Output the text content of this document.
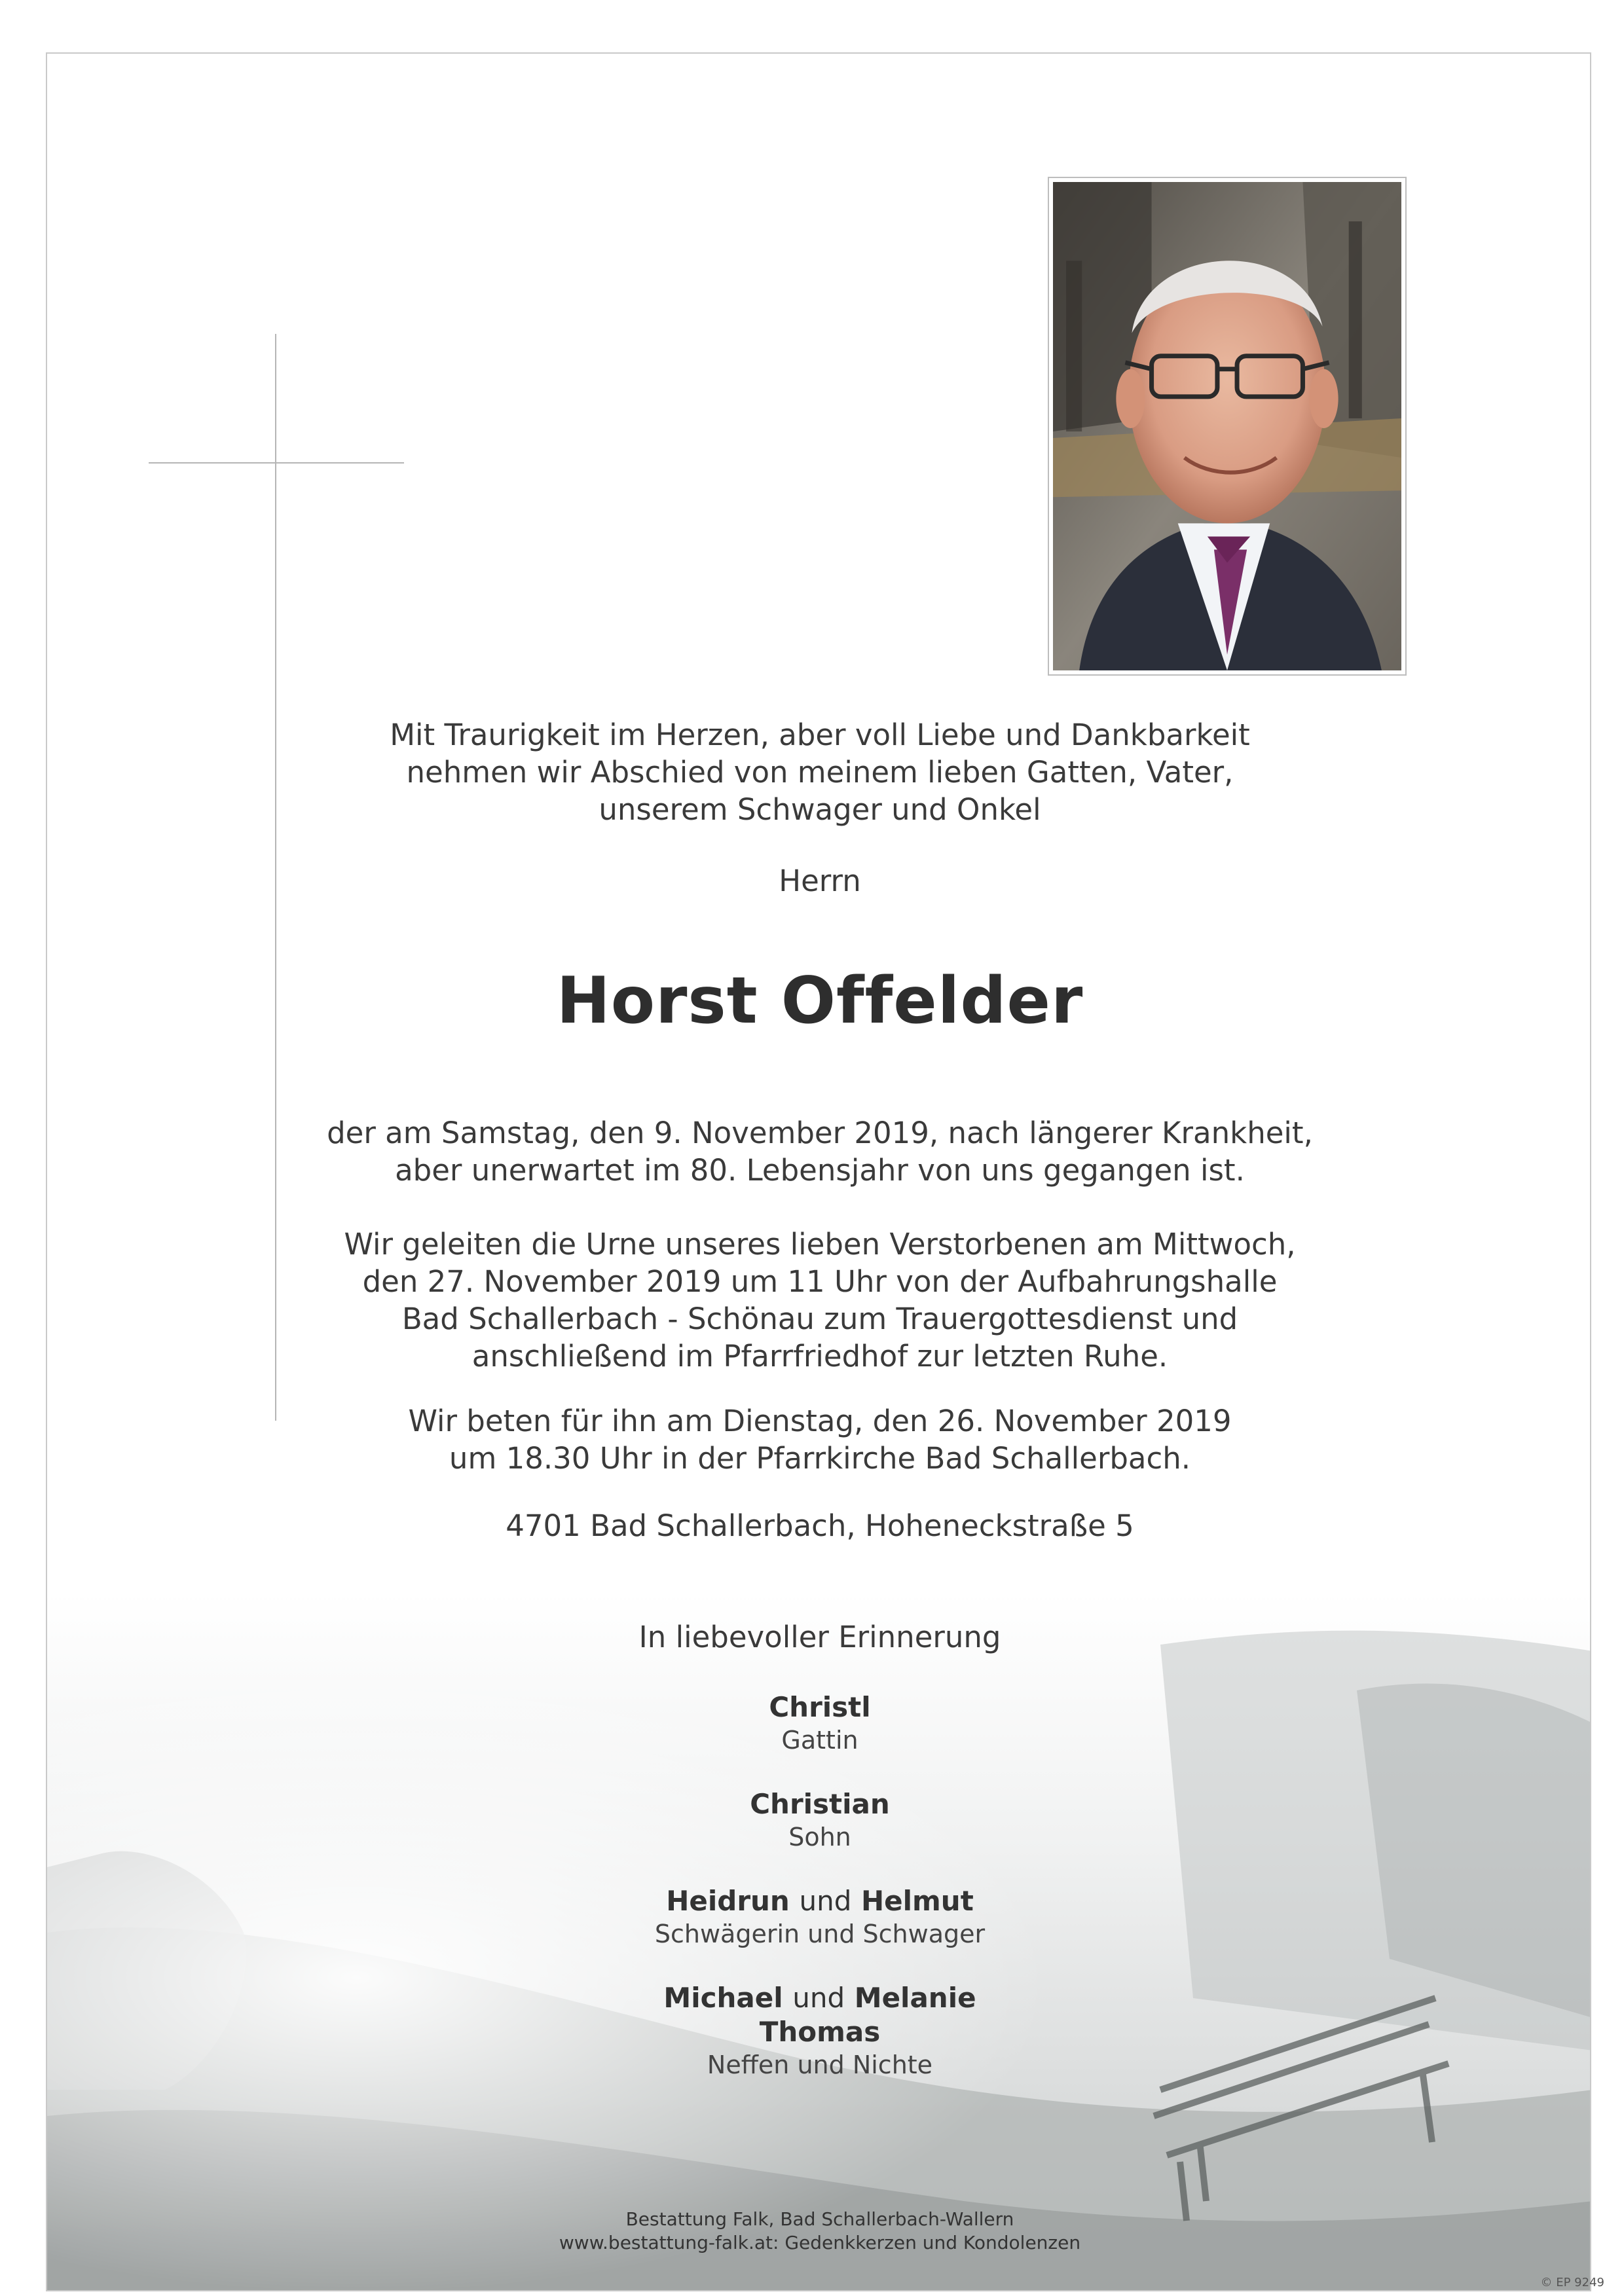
Mit Traurigkeit im Herzen, aber voll Liebe und Dankbarkeit
nehmen wir Abschied von meinem lieben Gatten, Vater,
unserem Schwager und Onkel
Herrn
Horst Offelder
der am Samstag, den 9. November 2019, nach längerer Krankheit,
aber unerwartet im 80. Lebensjahr von uns gegangen ist.
Wir geleiten die Urne unseres lieben Verstorbenen am Mittwoch,
den 27. November 2019 um 11 Uhr von der Aufbahrungshalle
Bad Schallerbach - Schönau zum Trauergottesdienst und
anschließend im Pfarrfriedhof zur letzten Ruhe.
Wir beten für ihn am Dienstag, den 26. November 2019
um 18.30 Uhr in der Pfarrkirche Bad Schallerbach.
4701 Bad Schallerbach, Hoheneckstraße 5
In liebevoller Erinnerung
Christl
Gattin
Christian
Sohn
Heidrun und Helmut
Schwägerin und Schwager
Michael und Melanie
Thomas
Neffen und Nichte
Bestattung Falk, Bad Schallerbach-Wallern
www.bestattung-falk.at: Gedenkkerzen und Kondolenzen
© EP 9249
